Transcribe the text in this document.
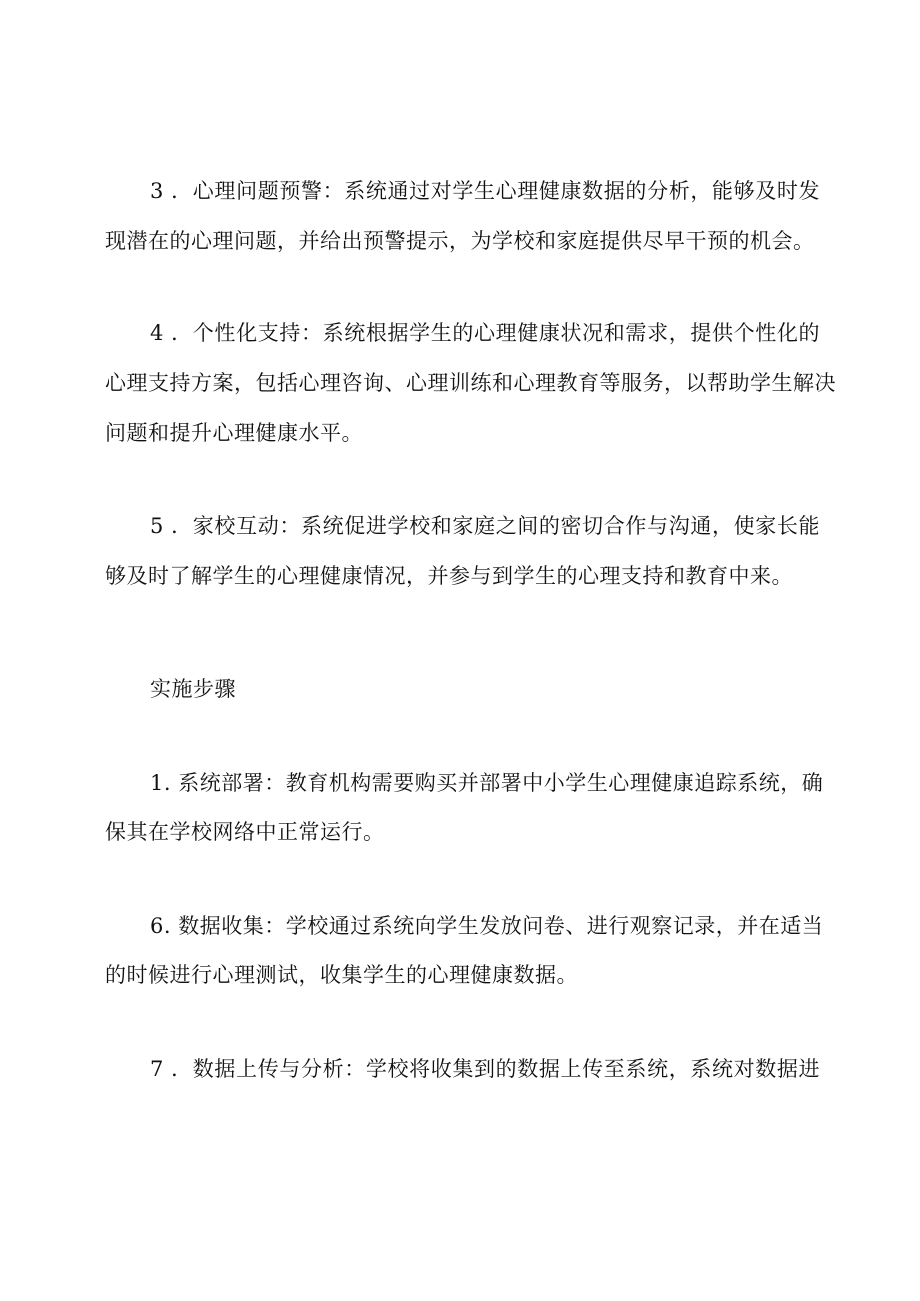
3 ．心理问题预警：系统通过对学生心理健康数据的分析，能够及时发
现潜在的心理问题，并给出预警提示，为学校和家庭提供尽早干预的机会。
4 ．个性化支持：系统根据学生的心理健康状况和需求，提供个性化的
心理支持方案，包括心理咨询、心理训练和心理教育等服务，以帮助学生解决
问题和提升心理健康水平。
5 ．家校互动：系统促进学校和家庭之间的密切合作与沟通，使家长能
够及时了解学生的心理健康情况，并参与到学生的心理支持和教育中来。
实施步骤
1. 系统部署：教育机构需要购买并部署中小学生心理健康追踪系统，确
保其在学校网络中正常运行。
6. 数据收集：学校通过系统向学生发放问卷、进行观察记录，并在适当
的时候进行心理测试，收集学生的心理健康数据。
7 ．数据上传与分析：学校将收集到的数据上传至系统，系统对数据进
